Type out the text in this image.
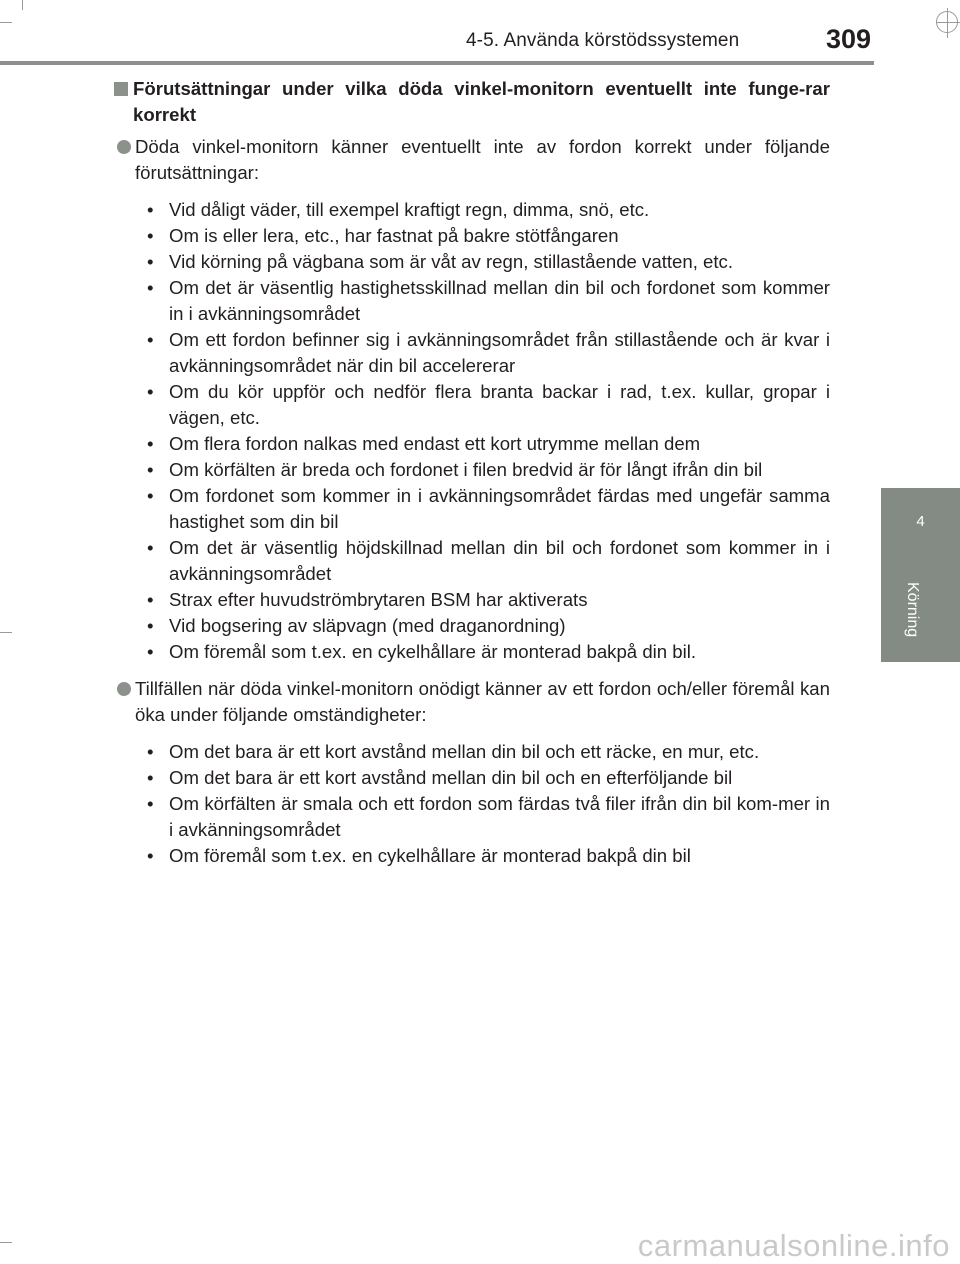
4-5. Använda körstödssystemen	309
4
Körning
Förutsättningar under vilka döda vinkel-monitorn eventuellt inte funge-rar korrekt
Döda vinkel-monitorn känner eventuellt inte av fordon korrekt under följande förutsättningar:
• Vid dåligt väder, till exempel kraftigt regn, dimma, snö, etc.
• Om is eller lera, etc., har fastnat på bakre stötfångaren
• Vid körning på vägbana som är våt av regn, stillastående vatten, etc.
• Om det är väsentlig hastighetsskillnad mellan din bil och fordonet som kommer in i avkänningsområdet
• Om ett fordon befinner sig i avkänningsområdet från stillastående och är kvar i avkänningsområdet när din bil accelererar
• Om du kör uppför och nedför flera branta backar i rad, t.ex. kullar, gropar i vägen, etc.
• Om flera fordon nalkas med endast ett kort utrymme mellan dem
• Om körfälten är breda och fordonet i filen bredvid är för långt ifrån din bil
• Om fordonet som kommer in i avkänningsområdet färdas med ungefär samma hastighet som din bil
• Om det är väsentlig höjdskillnad mellan din bil och fordonet som kommer in i avkänningsområdet
• Strax efter huvudströmbrytaren BSM har aktiverats
• Vid bogsering av släpvagn (med draganordning)
• Om föremål som t.ex. en cykelhållare är monterad bakpå din bil.
Tillfällen när döda vinkel-monitorn onödigt känner av ett fordon och/eller föremål kan öka under följande omständigheter:
• Om det bara är ett kort avstånd mellan din bil och ett räcke, en mur, etc.
• Om det bara är ett kort avstånd mellan din bil och en efterföljande bil
• Om körfälten är smala och ett fordon som färdas två filer ifrån din bil kom-mer in i avkänningsområdet
• Om föremål som t.ex. en cykelhållare är monterad bakpå din bil
carmanualsonline.info
